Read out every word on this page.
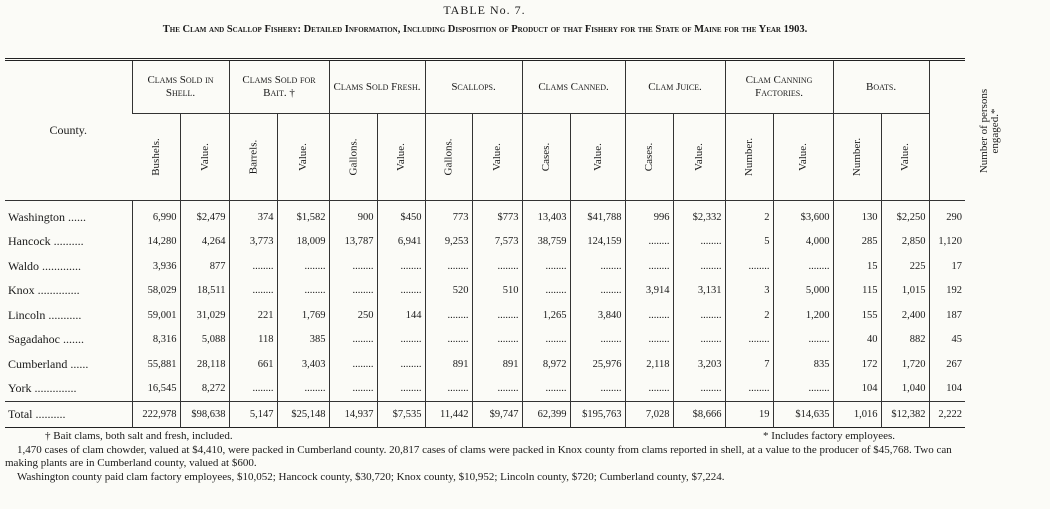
TABLE No. 7.
The Clam and Scallop Fishery: Detailed Information, Including Disposition of Product of that Fishery for the State of Maine for the Year 1903.
County.	Clams Sold in Shell.		Clams Sold for Bait. †		Clams Sold Fresh.		Scallops.		Clams Canned.		Clam Juice.		Clam Canning Factories.		Boats.		Number of persons engaged.*
	Bushels.	Value.	Barrels.	Value.	Gallons.	Value.	Gallons.	Value.	Cases.	Value.	Cases.	Value.	Number.	Value.	Number.	Value.	
Washington ......	6,990	$2,479	374	$1,582	900	$450	773	$773	13,403	$41,788	996	$2,332	2	$3,600	130	$2,250	290
Hancock ..........	14,280	4,264	3,773	18,009	13,787	6,941	9,253	7,573	38,759	124,159	........	........	5	4,000	285	2,850	1,120
Waldo .............	3,936	877	........	........	........	........	........	........	........	........	........	........	........	........	15	225	17
Knox ..............	58,029	18,511	........	........	........	........	520	510	........	........	3,914	3,131	3	5,000	115	1,015	192
Lincoln ...........	59,001	31,029	221	1,769	250	144	........	........	1,265	3,840	........	........	2	1,200	155	2,400	187
Sagadahoc .......	8,316	5,088	118	385	........	........	........	........	........	........	........	........	........	........	40	882	45
Cumberland ......	55,881	28,118	661	3,403	........	........	891	891	8,972	25,976	2,118	3,203	7	835	172	1,720	267
York ..............	16,545	8,272	........	........	........	........	........	........	........	........	........	........	........	........	104	1,040	104
Total ..........	222,978	$98,638	5,147	$25,148	14,937	$7,535	11,442	$9,747	62,399	$195,763	7,028	$8,666	19	$14,635	1,016	$12,382	2,222
† Bait clams, both salt and fresh, included.	* Includes factory employees.

1,470 cases of clam chowder, valued at $4,410, were packed in Cumberland county. 20,817 cases of clams were packed in Knox county from clams reported in shell, at a value to the producer of $45,768. Two can making plants are in Cumberland county, valued at $600.

Washington county paid clam factory employees, $10,052; Hancock county, $30,720; Knox county, $10,952; Lincoln county, $720; Cumberland county, $7,224.
